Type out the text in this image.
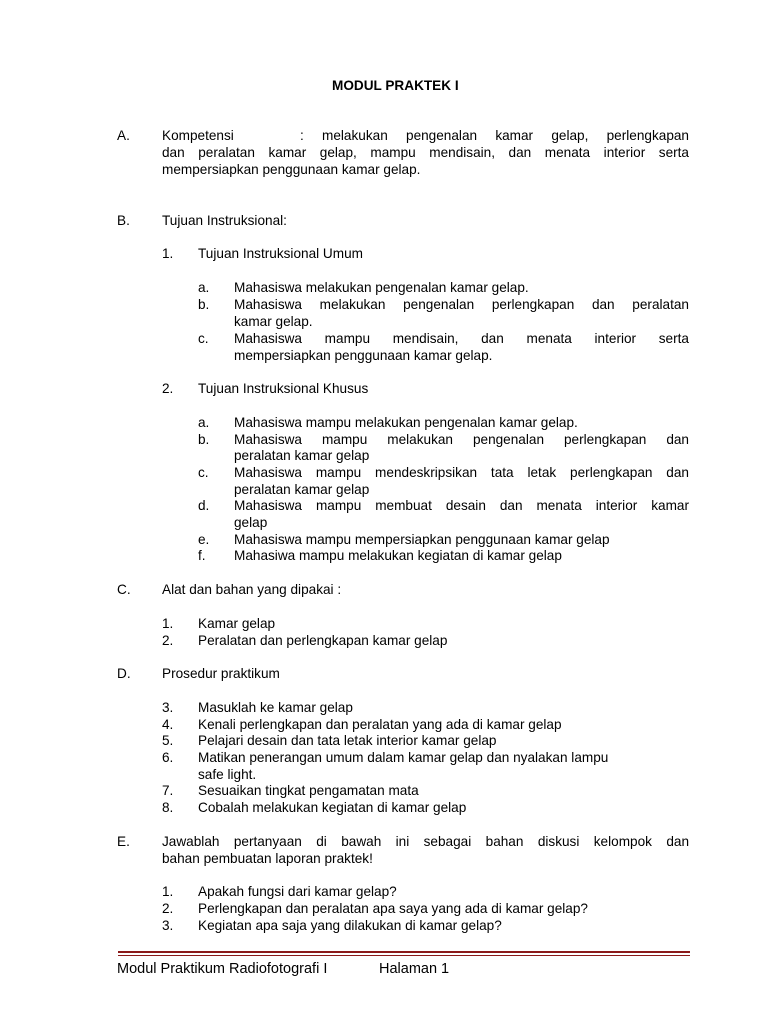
MODUL PRAKTEK I
A. Kompetensi	: melakukan pengenalan kamar gelap, perlengkapan
dan peralatan kamar gelap, mampu mendisain, dan menata interior serta
mempersiapkan penggunaan kamar gelap.
B. Tujuan Instruksional:
1. Tujuan Instruksional Umum
a. Mahasiswa melakukan pengenalan kamar gelap.
b. Mahasiswa melakukan pengenalan perlengkapan dan peralatan
kamar gelap.
c. Mahasiswa mampu mendisain, dan menata interior serta
mempersiapkan penggunaan kamar gelap.
2. Tujuan Instruksional Khusus
a. Mahasiswa mampu melakukan pengenalan kamar gelap.
b. Mahasiswa mampu melakukan pengenalan perlengkapan dan
peralatan kamar gelap
c. Mahasiswa mampu mendeskripsikan tata letak perlengkapan dan
peralatan kamar gelap
d. Mahasiswa mampu membuat desain dan menata interior kamar
gelap
e. Mahasiswa mampu mempersiapkan penggunaan kamar gelap
f. Mahasiwa mampu melakukan kegiatan di kamar gelap
C. Alat dan bahan yang dipakai :
1. Kamar gelap
2. Peralatan dan perlengkapan kamar gelap
D. Prosedur praktikum
3. Masuklah ke kamar gelap
4. Kenali perlengkapan dan peralatan yang ada di kamar gelap
5. Pelajari desain dan tata letak interior kamar gelap
6. Matikan penerangan umum dalam kamar gelap dan nyalakan lampu
safe light.
7. Sesuaikan tingkat pengamatan mata
8. Cobalah melakukan kegiatan di kamar gelap
E. Jawablah pertanyaan di bawah ini sebagai bahan diskusi kelompok dan
bahan pembuatan laporan praktek!
1. Apakah fungsi dari kamar gelap?
2. Perlengkapan dan peralatan apa saya yang ada di kamar gelap?
3. Kegiatan apa saja yang dilakukan di kamar gelap?
Modul Praktikum Radiofotografi I	Halaman 1
